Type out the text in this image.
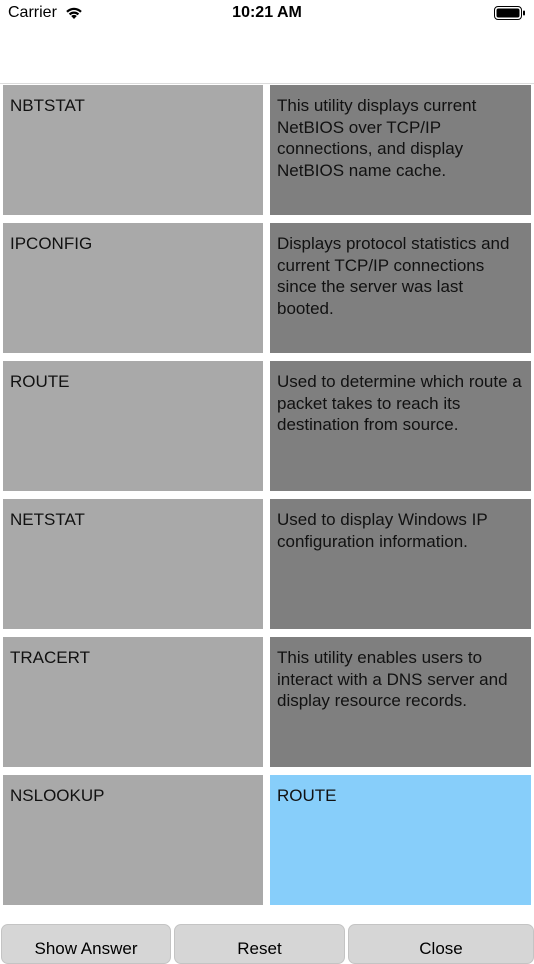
Carrier	10:21 AM
NBTSTAT	This utility displays current NetBIOS over TCP/IP connections, and display NetBIOS name cache.
IPCONFIG	Displays protocol statistics and current TCP/IP connections since the server was last booted.
ROUTE	Used to determine which route a packet takes to reach its destination from source.
NETSTAT	Used to display Windows IP configuration information.
TRACERT	This utility enables users to interact with a DNS server and display resource records.
NSLOOKUP	ROUTE
Show Answer	Reset	Close
